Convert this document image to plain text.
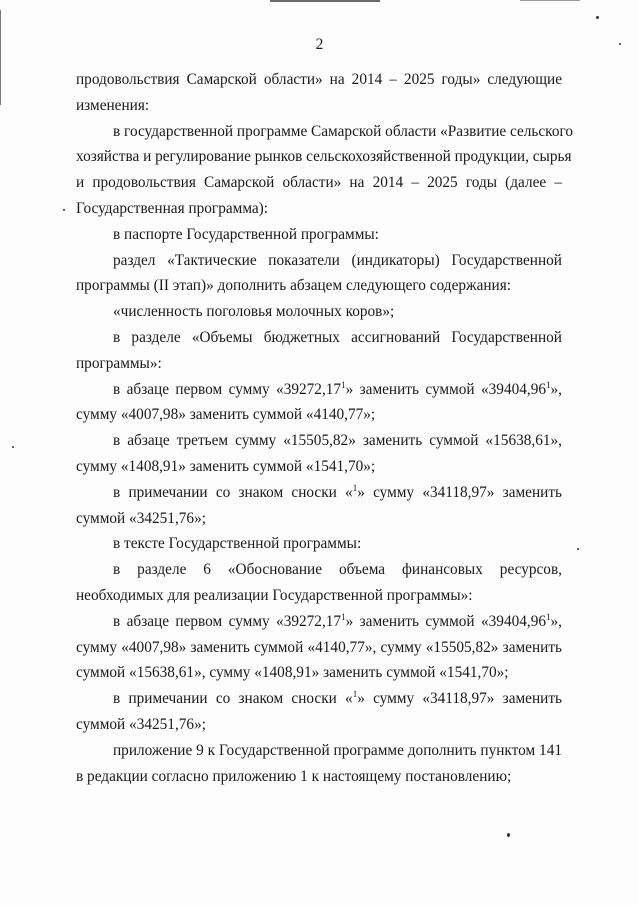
2
продовольствия Самарской области» на 2014 – 2025 годы» следующие
изменения:
в государственной программе Самарской области «Развитие сельского
хозяйства и регулирование рынков сельскохозяйственной продукции, сырья
и продовольствия Самарской области» на 2014 – 2025 годы (далее –
Государственная программа):
в паспорте Государственной программы:
раздел «Тактические показатели (индикаторы) Государственной
программы (II этап)» дополнить абзацем следующего содержания:
«численность поголовья молочных коров»;
в разделе «Объемы бюджетных ассигнований Государственной
программы»:
в абзаце первом сумму «39272,17$^1$» заменить суммой «39404,96$^1$»,
сумму «4007,98» заменить суммой «4140,77»;
в абзаце третьем сумму «15505,82» заменить суммой «15638,61»,
сумму «1408,91» заменить суммой «1541,70»;
в примечании со знаком сноски «$^1$» сумму «34118,97» заменить
суммой «34251,76»;
в тексте Государственной программы:
в разделе 6 «Обоснование объема финансовых ресурсов,
необходимых для реализации Государственной программы»:
в абзаце первом сумму «39272,17$^1$» заменить суммой «39404,96$^1$»,
сумму «4007,98» заменить суммой «4140,77», сумму «15505,82» заменить
суммой «15638,61», сумму «1408,91» заменить суммой «1541,70»;
в примечании со знаком сноски «$^1$» сумму «34118,97» заменить
суммой «34251,76»;
приложение 9 к Государственной программе дополнить пунктом 141
в редакции согласно приложению 1 к настоящему постановлению;
